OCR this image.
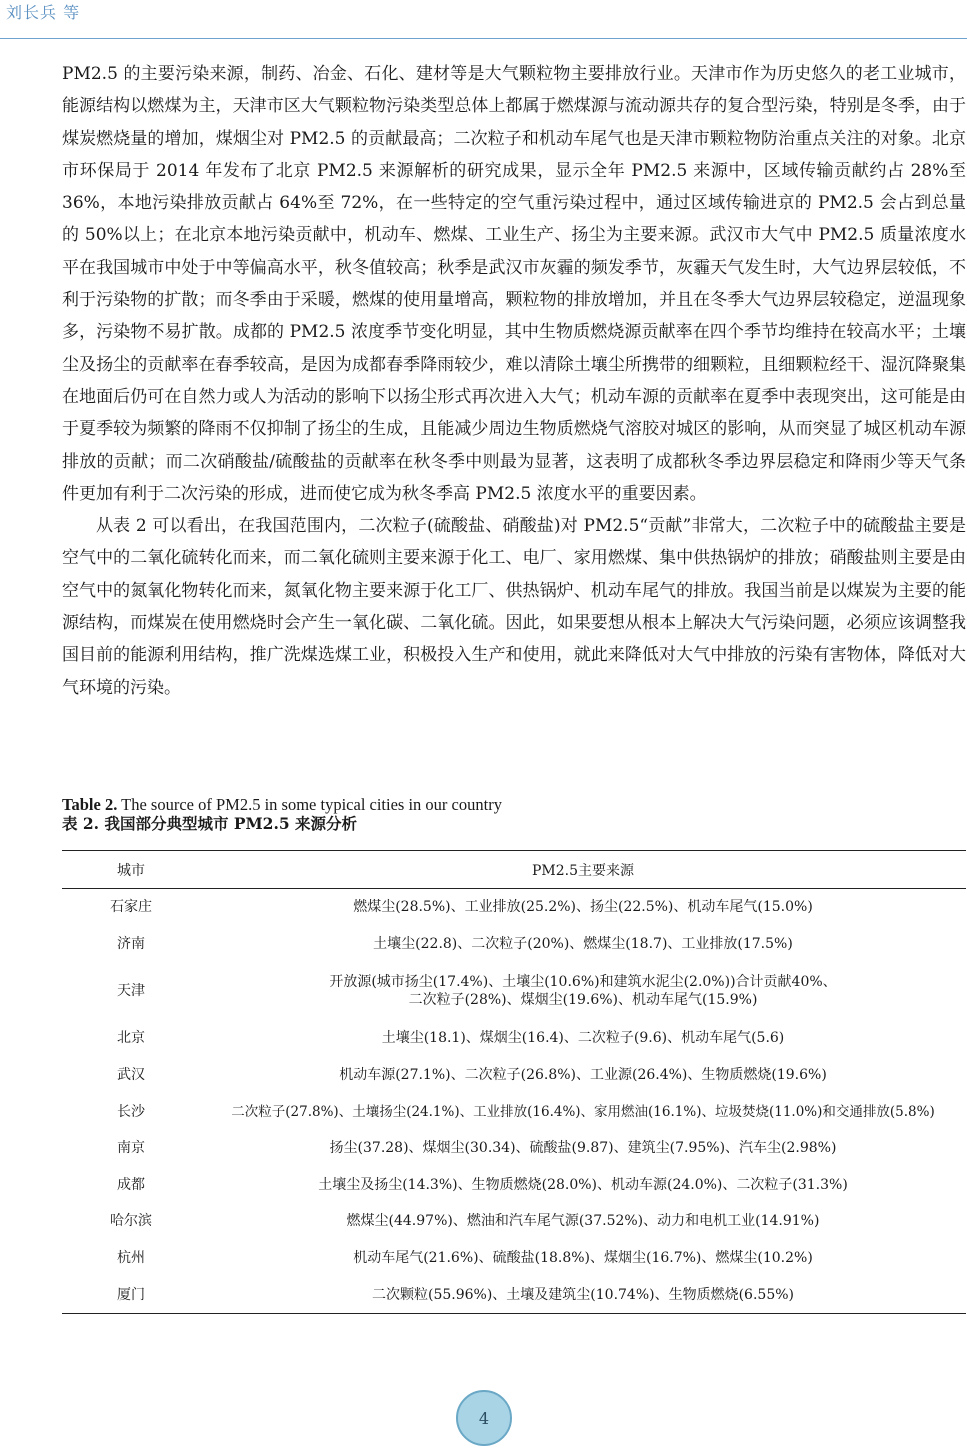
刘长兵 等

PM2.5 的主要污染来源，制药、冶金、石化、建材等是大气颗粒物主要排放行业。天津市作为历史悠久的老工业城市，能源结构以燃煤为主，天津市区大气颗粒物污染类型总体上都属于燃煤源与流动源共存的复合型污染，特别是冬季，由于煤炭燃烧量的增加，煤烟尘对 PM2.5 的贡献最高；二次粒子和机动车尾气也是天津市颗粒物防治重点关注的对象。北京市环保局于 2014 年发布了北京 PM2.5 来源解析的研究成果，显示全年 PM2.5 来源中，区域传输贡献约占 28%至 36%，本地污染排放贡献占 64%至 72%，在一些特定的空气重污染过程中，通过区域传输进京的 PM2.5 会占到总量的 50%以上；在北京本地污染贡献中，机动车、燃煤、工业生产、扬尘为主要来源。武汉市大气中 PM2.5 质量浓度水平在我国城市中处于中等偏高水平，秋冬值较高；秋季是武汉市灰霾的频发季节，灰霾天气发生时，大气边界层较低，不利于污染物的扩散；而冬季由于采暖，燃煤的使用量增高，颗粒物的排放增加，并且在冬季大气边界层较稳定，逆温现象多，污染物不易扩散。成都的 PM2.5 浓度季节变化明显，其中生物质燃烧源贡献率在四个季节均维持在较高水平；土壤尘及扬尘的贡献率在春季较高，是因为成都春季降雨较少，难以清除土壤尘所携带的细颗粒，且细颗粒经干、湿沉降聚集在地面后仍可在自然力或人为活动的影响下以扬尘形式再次进入大气；机动车源的贡献率在夏季中表现突出，这可能是由于夏季较为频繁的降雨不仅抑制了扬尘的生成，且能减少周边生物质燃烧气溶胶对城区的影响，从而突显了城区机动车源排放的贡献；而二次硝酸盐/硫酸盐的贡献率在秋冬季中则最为显著，这表明了成都秋冬季边界层稳定和降雨少等天气条件更加有利于二次污染的形成，进而使它成为秋冬季高 PM2.5 浓度水平的重要因素。

从表 2 可以看出，在我国范围内，二次粒子(硫酸盐、硝酸盐)对 PM2.5“贡献”非常大，二次粒子中的硫酸盐主要是空气中的二氧化硫转化而来，而二氧化硫则主要来源于化工、电厂、家用燃煤、集中供热锅炉的排放；硝酸盐则主要是由空气中的氮氧化物转化而来，氮氧化物主要来源于化工厂、供热锅炉、机动车尾气的排放。我国当前是以煤炭为主要的能源结构，而煤炭在使用燃烧时会产生一氧化碳、二氧化硫。因此，如果要想从根本上解决大气污染问题，必须应该调整我国目前的能源利用结构，推广洗煤选煤工业，积极投入生产和使用，就此来降低对大气中排放的污染有害物体，降低对大气环境的污染。

Table 2. The source of PM2.5 in some typical cities in our country
表 2. 我国部分典型城市 PM2.5 来源分析
城市	PM2.5主要来源
石家庄	燃煤尘(28.5%)、工业排放(25.2%)、扬尘(22.5%)、机动车尾气(15.0%)
济南	土壤尘(22.8)、二次粒子(20%)、燃煤尘(18.7)、工业排放(17.5%)
天津	开放源(城市扬尘(17.4%)、土壤尘(10.6%)和建筑水泥尘(2.0%))合计贡献40%、
二次粒子(28%)、煤烟尘(19.6%)、机动车尾气(15.9%)

北京	土壤尘(18.1)、煤烟尘(16.4)、二次粒子(9.6)、机动车尾气(5.6)
武汉	机动车源(27.1%)、二次粒子(26.8%)、工业源(26.4%)、生物质燃烧(19.6%)
长沙	二次粒子(27.8%)、土壤扬尘(24.1%)、工业排放(16.4%)、家用燃油(16.1%)、垃圾焚烧(11.0%)和交通排放(5.8%)
南京	扬尘(37.28)、煤烟尘(30.34)、硫酸盐(9.87)、建筑尘(7.95%)、汽车尘(2.98%)
成都	土壤尘及扬尘(14.3%)、生物质燃烧(28.0%)、机动车源(24.0%)、二次粒子(31.3%)
哈尔滨	燃煤尘(44.97%)、燃油和汽车尾气源(37.52%)、动力和电机工业(14.91%)
杭州	机动车尾气(21.6%)、硫酸盐(18.8%)、煤烟尘(16.7%)、燃煤尘(10.2%)
厦门	二次颗粒(55.96%)、土壤及建筑尘(10.74%)、生物质燃烧(6.55%)
4
